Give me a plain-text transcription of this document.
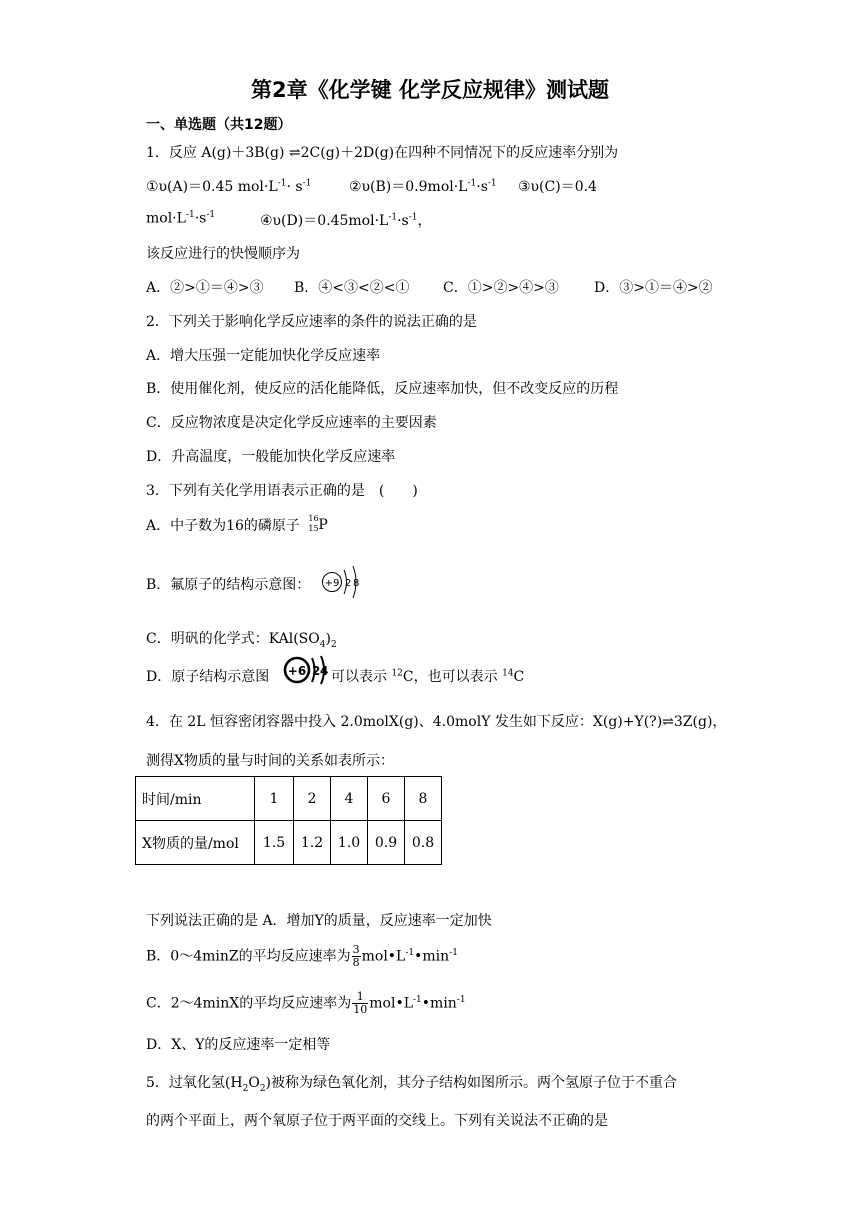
第2章《化学键 化学反应规律》测试题
一、单选题（共12题）
1．反应 A(g)＋3B(g) ⇌2C(g)＋2D(g)在四种不同情况下的反应速率分别为
①υ(A)＝0.45 $mol\cdot L^{-1}\cdot s^{-1}$	$②\upsilon(B)=0.9mol\cdot L^{-1}\cdot s^{-1}$ ③υ(C)＝0.4
$mol\cdot L^{-1}\cdot s^{-1}$	$④\upsilon(D)=0.45mol\cdot L^{-1}\cdot s^{-1}$，
该反应进行的快慢顺序为
A．②>①＝④>③ B．④<③<②<① C．①>②>④>③	D．③>①＝④>②
2．下列关于影响化学反应速率的条件的说法正确的是
A．增大压强一定能加快化学反应速率
B．使用催化剂，使反应的活化能降低，反应速率加快，但不改变反应的历程
C．反应物浓度是决定化学反应速率的主要因素
D．升高温度，一般能加快化学反应速率
3．下列有关化学用语表示正确的是　(　　)
A．中子数为16的磷原子 16
15 P
B．氟原子的结构示意图： +9 2 8
C．明矾的化学式：$KAl(SO_4)_2$
D．原子结构示意图 +6 2 4 可以表示 $^{12}$C，也可以表示 $^{14}$C
4．在 2L 恒容密闭容器中投入 2.0molX(g)、4.0molY 发生如下反应：X(g)+Y(?)⇌3Z(g)，
测得X物质的量与时间的关系如表所示：
时间/min	1	2	4	6	8
X物质的量/mol	1.5	1.2	1.0	0.9	0.8
下列说法正确的是 A．增加Y的质量，反应速率一定加快
B．0～4minZ的平均反应速率为 $\frac{3}{8}$ $mol•L^{-1}•\min^{-1}$
C．2～4minX的平均反应速率为 $\frac{1}{10}$ $mol•L^{-1}•\min^{-1}$
D．X、Y的反应速率一定相等
5．过氧化氢$(H_2O_2)$被称为绿色氧化剂，其分子结构如图所示。两个氢原子位于不重合
的两个平面上，两个氧原子位于两平面的交线上。下列有关说法不正确的是
